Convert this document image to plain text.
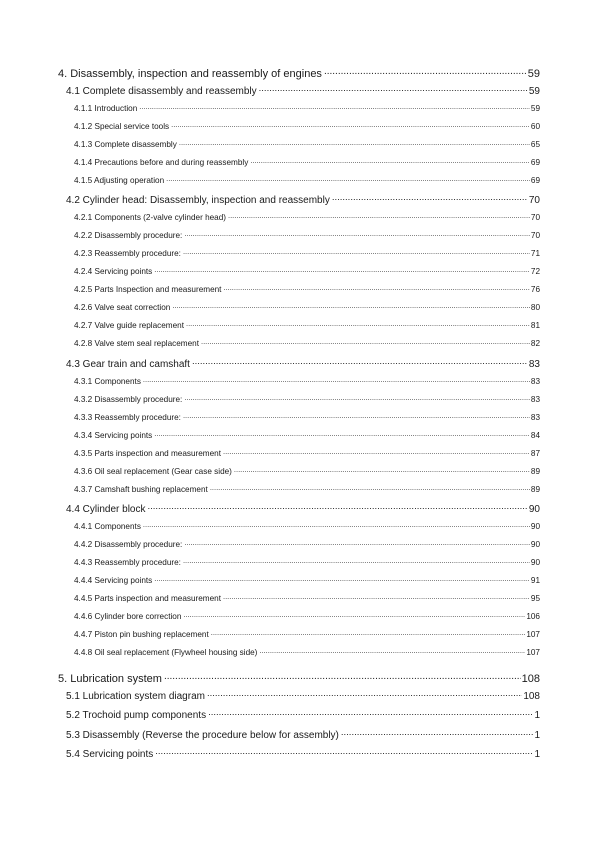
4. Disassembly, inspection and reassembly of engines .....	59
4.1 Complete disassembly and reassembly .....	59
4.1.1 Introduction .....	59
4.1.2 Special service tools .....	60
4.1.3 Complete disassembly .....	65
4.1.4 Precautions before and during reassembly .....	69
4.1.5 Adjusting operation .....	69
4.2 Cylinder head: Disassembly, inspection and reassembly .....	70
4.2.1 Components (2-valve cylinder head) .....	70
4.2.2 Disassembly procedure: .....	70
4.2.3 Reassembly procedure: .....	71
4.2.4 Servicing points .....	72
4.2.5 Parts Inspection and measurement .....	76
4.2.6 Valve seat correction .....	80
4.2.7 Valve guide replacement .....	81
4.2.8 Valve stem seal replacement .....	82
4.3 Gear train and camshaft .....	83
4.3.1 Components .....	83
4.3.2 Disassembly procedure: .....	83
4.3.3 Reassembly procedure: .....	83
4.3.4 Servicing points .....	84
4.3.5 Parts inspection and measurement .....	87
4.3.6 Oil seal replacement (Gear case side) .....	89
4.3.7 Camshaft bushing replacement .....	89
4.4 Cylinder block .....	90
4.4.1 Components .....	90
4.4.2 Disassembly procedure: .....	90
4.4.3 Reassembly procedure: .....	90
4.4.4 Servicing points .....	91
4.4.5 Parts inspection and measurement .....	95
4.4.6 Cylinder bore correction .....	106
4.4.7 Piston pin bushing replacement .....	107
4.4.8 Oil seal replacement (Flywheel housing side) .....	107
5. Lubrication system .....	108
5.1 Lubrication system diagram .....	108
5.2 Trochoid pump components .....	1
5.3 Disassembly (Reverse the procedure below for assembly) .....	1
5.4 Servicing points .....	1
